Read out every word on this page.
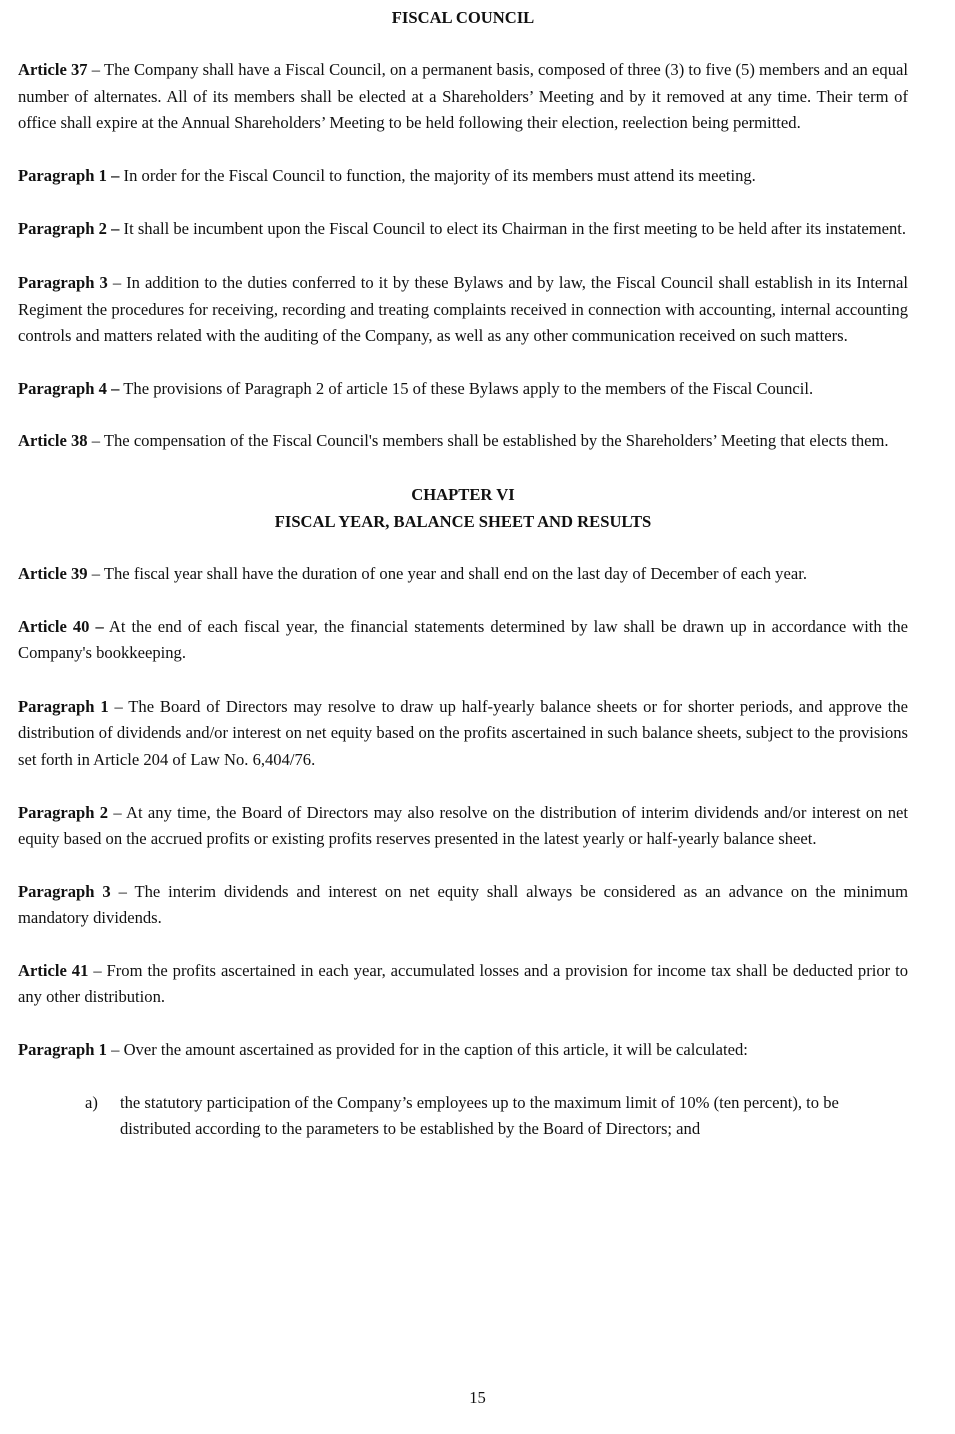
FISCAL COUNCIL

Article 37 – The Company shall have a Fiscal Council, on a permanent basis, composed of three (3) to five (5) members and an equal number of alternates. All of its members shall be elected at a Shareholders’ Meeting and by it removed at any time. Their term of office shall expire at the Annual Shareholders’ Meeting to be held following their election, reelection being permitted.

Paragraph 1 – In order for the Fiscal Council to function, the majority of its members must attend its meeting.

Paragraph 2 – It shall be incumbent upon the Fiscal Council to elect its Chairman in the first meeting to be held after its instatement.

Paragraph 3 – In addition to the duties conferred to it by these Bylaws and by law, the Fiscal Council shall establish in its Internal Regiment the procedures for receiving, recording and treating complaints received in connection with accounting, internal accounting controls and matters related with the auditing of the Company, as well as any other communication received on such matters.

Paragraph 4 – The provisions of Paragraph 2 of article 15 of these Bylaws apply to the members of the Fiscal Council.

Article 38 – The compensation of the Fiscal Council's members shall be established by the Shareholders’ Meeting that elects them.

CHAPTER VI
FISCAL YEAR, BALANCE SHEET AND RESULTS

Article 39 – The fiscal year shall have the duration of one year and shall end on the last day of December of each year.

Article 40 – At the end of each fiscal year, the financial statements determined by law shall be drawn up in accordance with the Company's bookkeeping.

Paragraph 1 – The Board of Directors may resolve to draw up half-yearly balance sheets or for shorter periods, and approve the distribution of dividends and/or interest on net equity based on the profits ascertained in such balance sheets, subject to the provisions set forth in Article 204 of Law No. 6,404/76.

Paragraph 2 – At any time, the Board of Directors may also resolve on the distribution of interim dividends and/or interest on net equity based on the accrued profits or existing profits reserves presented in the latest yearly or half-yearly balance sheet.

Paragraph 3 – The interim dividends and interest on net equity shall always be considered as an advance on the minimum mandatory dividends.

Article 41 – From the profits ascertained in each year, accumulated losses and a provision for income tax shall be deducted prior to any other distribution.

Paragraph 1 – Over the amount ascertained as provided for in the caption of this article, it will be calculated:

a) the statutory participation of the Company’s employees up to the maximum limit of 10% (ten percent), to be distributed according to the parameters to be established by the Board of Directors; and
15
